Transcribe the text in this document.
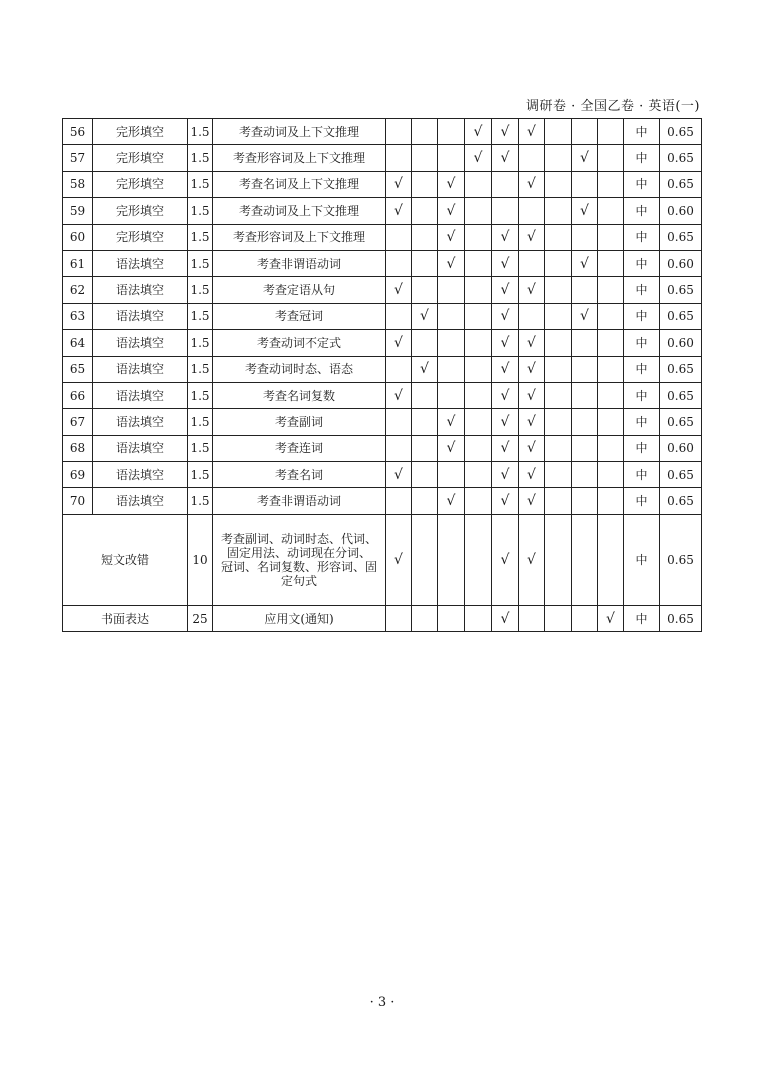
调研卷 · 全国乙卷 · 英语(一)
56	完形填空	1.5	考查动词及上下文推理				√	√	√				中	0.65
57	完形填空	1.5	考查形容词及上下文推理				√	√			√		中	0.65
58	完形填空	1.5	考查名词及上下文推理	√		√			√				中	0.65
59	完形填空	1.5	考查动词及上下文推理	√		√					√		中	0.60
60	完形填空	1.5	考查形容词及上下文推理			√		√	√				中	0.65
61	语法填空	1.5	考查非谓语动词			√		√			√		中	0.60
62	语法填空	1.5	考查定语从句	√				√	√				中	0.65
63	语法填空	1.5	考查冠词		√			√			√		中	0.65
64	语法填空	1.5	考查动词不定式	√				√	√				中	0.60
65	语法填空	1.5	考查动词时态、语态		√			√	√				中	0.65
66	语法填空	1.5	考查名词复数	√				√	√				中	0.65
67	语法填空	1.5	考查副词			√		√	√				中	0.65
68	语法填空	1.5	考查连词			√		√	√				中	0.60
69	语法填空	1.5	考查名词	√				√	√				中	0.65
70	语法填空	1.5	考查非谓语动词			√		√	√				中	0.65
短文改错		10	考查副词、动词时态、代词、
固定用法、动词现在分词、
冠词、名词复数、形容词、固
定句式	√				√	√				中	0.65
书面表达		25	应用文(通知)					√				√	中	0.65
· 3 ·
